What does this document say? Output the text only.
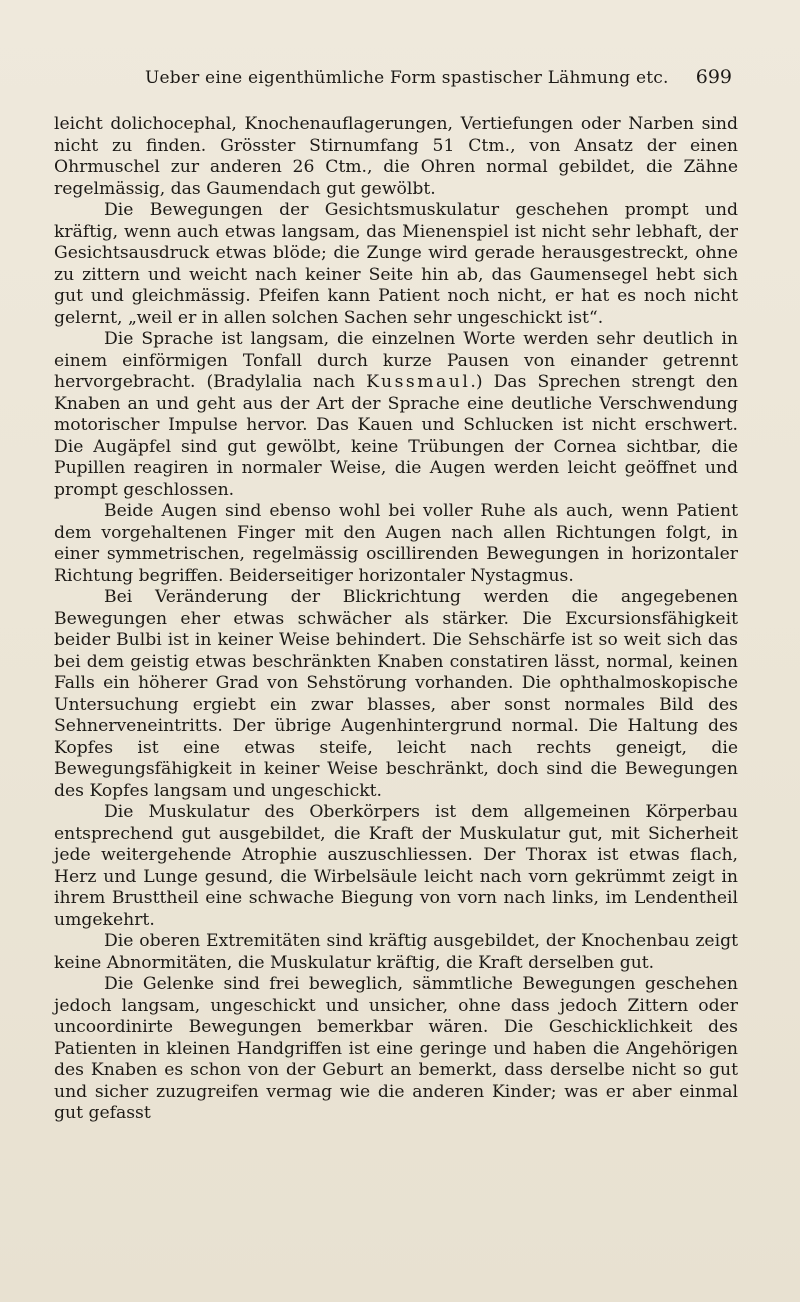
Ueber eine eigenthümliche Form spastischer Lähmung etc. 699

leicht dolichocephal, Knochenauflagerungen, Vertiefungen oder Narben sind nicht zu finden. Grösster Stirnumfang 51 Ctm., von Ansatz der einen Ohrmuschel zur anderen 26 Ctm., die Ohren normal gebildet, die Zähne regelmässig, das Gaumendach gut gewölbt.

Die Bewegungen der Gesichtsmuskulatur geschehen prompt und kräftig, wenn auch etwas langsam, das Mienenspiel ist nicht sehr lebhaft, der Gesichtsausdruck etwas blöde; die Zunge wird gerade herausgestreckt, ohne zu zittern und weicht nach keiner Seite hin ab, das Gaumensegel hebt sich gut und gleichmässig. Pfeifen kann Patient noch nicht, er hat es noch nicht gelernt, „weil er in allen solchen Sachen sehr ungeschickt ist“.

Die Sprache ist langsam, die einzelnen Worte werden sehr deutlich in einem einförmigen Tonfall durch kurze Pausen von einander getrennt hervorgebracht. (Bradylalia nach Kussmaul.) Das Sprechen strengt den Knaben an und geht aus der Art der Sprache eine deutliche Verschwendung motorischer Impulse hervor. Das Kauen und Schlucken ist nicht erschwert. Die Augäpfel sind gut gewölbt, keine Trübungen der Cornea sichtbar, die Pupillen reagiren in normaler Weise, die Augen werden leicht geöffnet und prompt geschlossen.

Beide Augen sind ebenso wohl bei voller Ruhe als auch, wenn Patient dem vorgehaltenen Finger mit den Augen nach allen Richtungen folgt, in einer symmetrischen, regelmässig oscillirenden Bewegungen in horizontaler Richtung begriffen. Beiderseitiger horizontaler Nystagmus.

Bei Veränderung der Blickrichtung werden die angegebenen Bewegungen eher etwas schwächer als stärker. Die Excursionsfähigkeit beider Bulbi ist in keiner Weise behindert. Die Sehschärfe ist so weit sich das bei dem geistig etwas beschränkten Knaben constatiren lässt, normal, keinen Falls ein höherer Grad von Sehstörung vorhanden. Die ophthalmoskopische Untersuchung ergiebt ein zwar blasses, aber sonst normales Bild des Sehnerveneintritts. Der übrige Augenhintergrund normal. Die Haltung des Kopfes ist eine etwas steife, leicht nach rechts geneigt, die Bewegungsfähigkeit in keiner Weise beschränkt, doch sind die Bewegungen des Kopfes langsam und ungeschickt.

Die Muskulatur des Oberkörpers ist dem allgemeinen Körperbau entsprechend gut ausgebildet, die Kraft der Muskulatur gut, mit Sicherheit jede weitergehende Atrophie auszuschliessen. Der Thorax ist etwas flach, Herz und Lunge gesund, die Wirbelsäule leicht nach vorn gekrümmt zeigt in ihrem Brusttheil eine schwache Biegung von vorn nach links, im Lendentheil umgekehrt.

Die oberen Extremitäten sind kräftig ausgebildet, der Knochenbau zeigt keine Abnormitäten, die Muskulatur kräftig, die Kraft derselben gut.

Die Gelenke sind frei beweglich, sämmtliche Bewegungen geschehen jedoch langsam, ungeschickt und unsicher, ohne dass jedoch Zittern oder uncoordinirte Bewegungen bemerkbar wären. Die Geschicklichkeit des Patienten in kleinen Handgriffen ist eine geringe und haben die Angehörigen des Knaben es schon von der Geburt an bemerkt, dass derselbe nicht so gut und sicher zuzugreifen vermag wie die anderen Kinder; was er aber einmal gut gefasst
